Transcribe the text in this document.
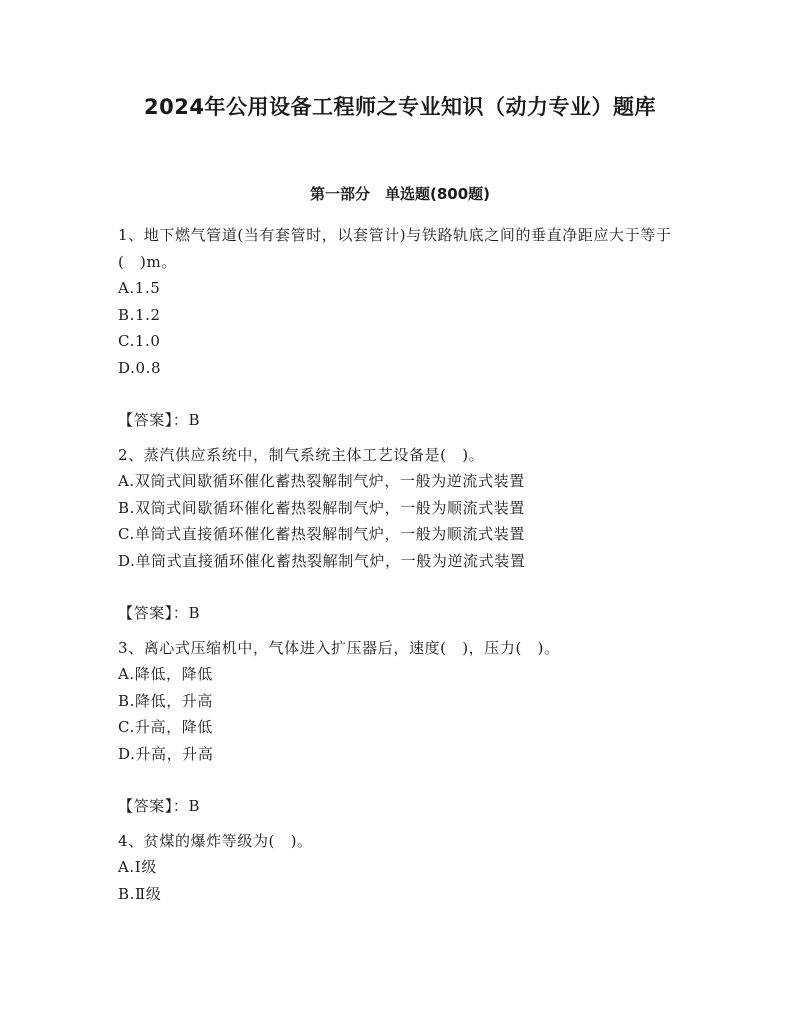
2024年公用设备工程师之专业知识（动力专业）题库
第一部分　单选题(800题)

1、地下燃气管道(当有套管时，以套管计)与铁路轨底之间的垂直净距应大于等于(　)m。

A.1.5
B.1.2
C.1.0
D.0.8

【答案】：B

2、蒸汽供应系统中，制气系统主体工艺设备是(　)。

A.双筒式间歇循环催化蓄热裂解制气炉，一般为逆流式装置
B.双筒式间歇循环催化蓄热裂解制气炉，一般为顺流式装置
C.单筒式直接循环催化蓄热裂解制气炉，一般为顺流式装置
D.单筒式直接循环催化蓄热裂解制气炉，一般为逆流式装置

【答案】：B

3、离心式压缩机中，气体进入扩压器后，速度(　)，压力(　)。

A.降低，降低
B.降低，升高
C.升高，降低
D.升高，升高

【答案】：B

4、贫煤的爆炸等级为(　)。

A.Ⅰ级
B.Ⅱ级
